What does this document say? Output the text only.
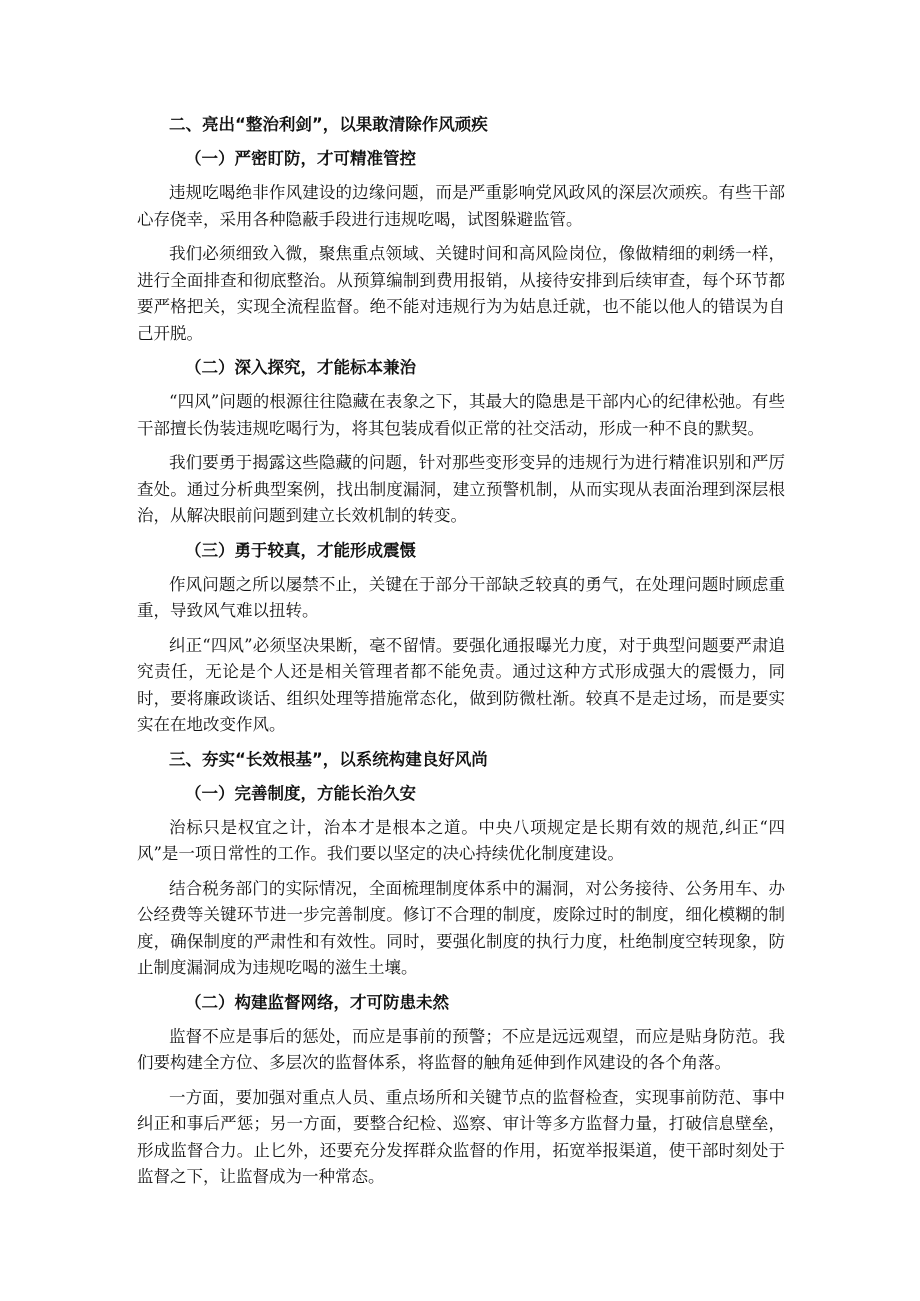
二、亮出“整治利剑”，以果敢清除作风顽疾
（一）严密盯防，才可精准管控

违规吃喝绝非作风建设的边缘问题，而是严重影响党风政风的深层次顽疾。有些干部心存侥幸，采用各种隐蔽手段进行违规吃喝，试图躲避监管。

我们必须细致入微，聚焦重点领域、关键时间和高风险岗位，像做精细的刺绣一样，进行全面排查和彻底整治。从预算编制到费用报销，从接待安排到后续审查，每个环节都要严格把关，实现全流程监督。绝不能对违规行为为姑息迁就，也不能以他人的错误为自己开脱。

（二）深入探究，才能标本兼治

“四风”问题的根源往往隐藏在表象之下，其最大的隐患是干部内心的纪律松弛。有些干部擅长伪装违规吃喝行为，将其包装成看似正常的社交活动，形成一种不良的默契。

我们要勇于揭露这些隐藏的问题，针对那些变形变异的违规行为进行精准识别和严厉查处。通过分析典型案例，找出制度漏洞，建立预警机制，从而实现从表面治理到深层根治，从解决眼前问题到建立长效机制的转变。

（三）勇于较真，才能形成震慑

作风问题之所以屡禁不止，关键在于部分干部缺乏较真的勇气，在处理问题时顾虑重重，导致风气难以扭转。

纠正“四风”必须坚决果断，毫不留情。要强化通报曝光力度，对于典型问题要严肃追究责任，无论是个人还是相关管理者都不能免责。通过这种方式形成强大的震慑力，同时，要将廉政谈话、组织处理等措施常态化，做到防微杜渐。较真不是走过场，而是要实实在在地改变作风。

三、夯实“长效根基”，以系统构建良好风尚
（一）完善制度，方能长治久安

治标只是权宜之计，治本才是根本之道。中央八项规定是长期有效的规范,纠正“四风”是一项日常性的工作。我们要以坚定的决心持续优化制度建设。

结合税务部门的实际情况，全面梳理制度体系中的漏洞，对公务接待、公务用车、办公经费等关键环节进一步完善制度。修订不合理的制度，废除过时的制度，细化模糊的制度，确保制度的严肃性和有效性。同时，要强化制度的执行力度，杜绝制度空转现象，防止制度漏洞成为违规吃喝的滋生土壤。

（二）构建监督网络，才可防患未然

监督不应是事后的惩处，而应是事前的预警；不应是远远观望，而应是贴身防范。我们要构建全方位、多层次的监督体系，将监督的触角延伸到作风建设的各个角落。

一方面，要加强对重点人员、重点场所和关键节点的监督检查，实现事前防范、事中纠正和事后严惩；另一方面，要整合纪检、巡察、审计等多方监督力量，打破信息壁垒，形成监督合力。止匕外，还要充分发挥群众监督的作用，拓宽举报渠道，使干部时刻处于监督之下，让监督成为一种常态。
